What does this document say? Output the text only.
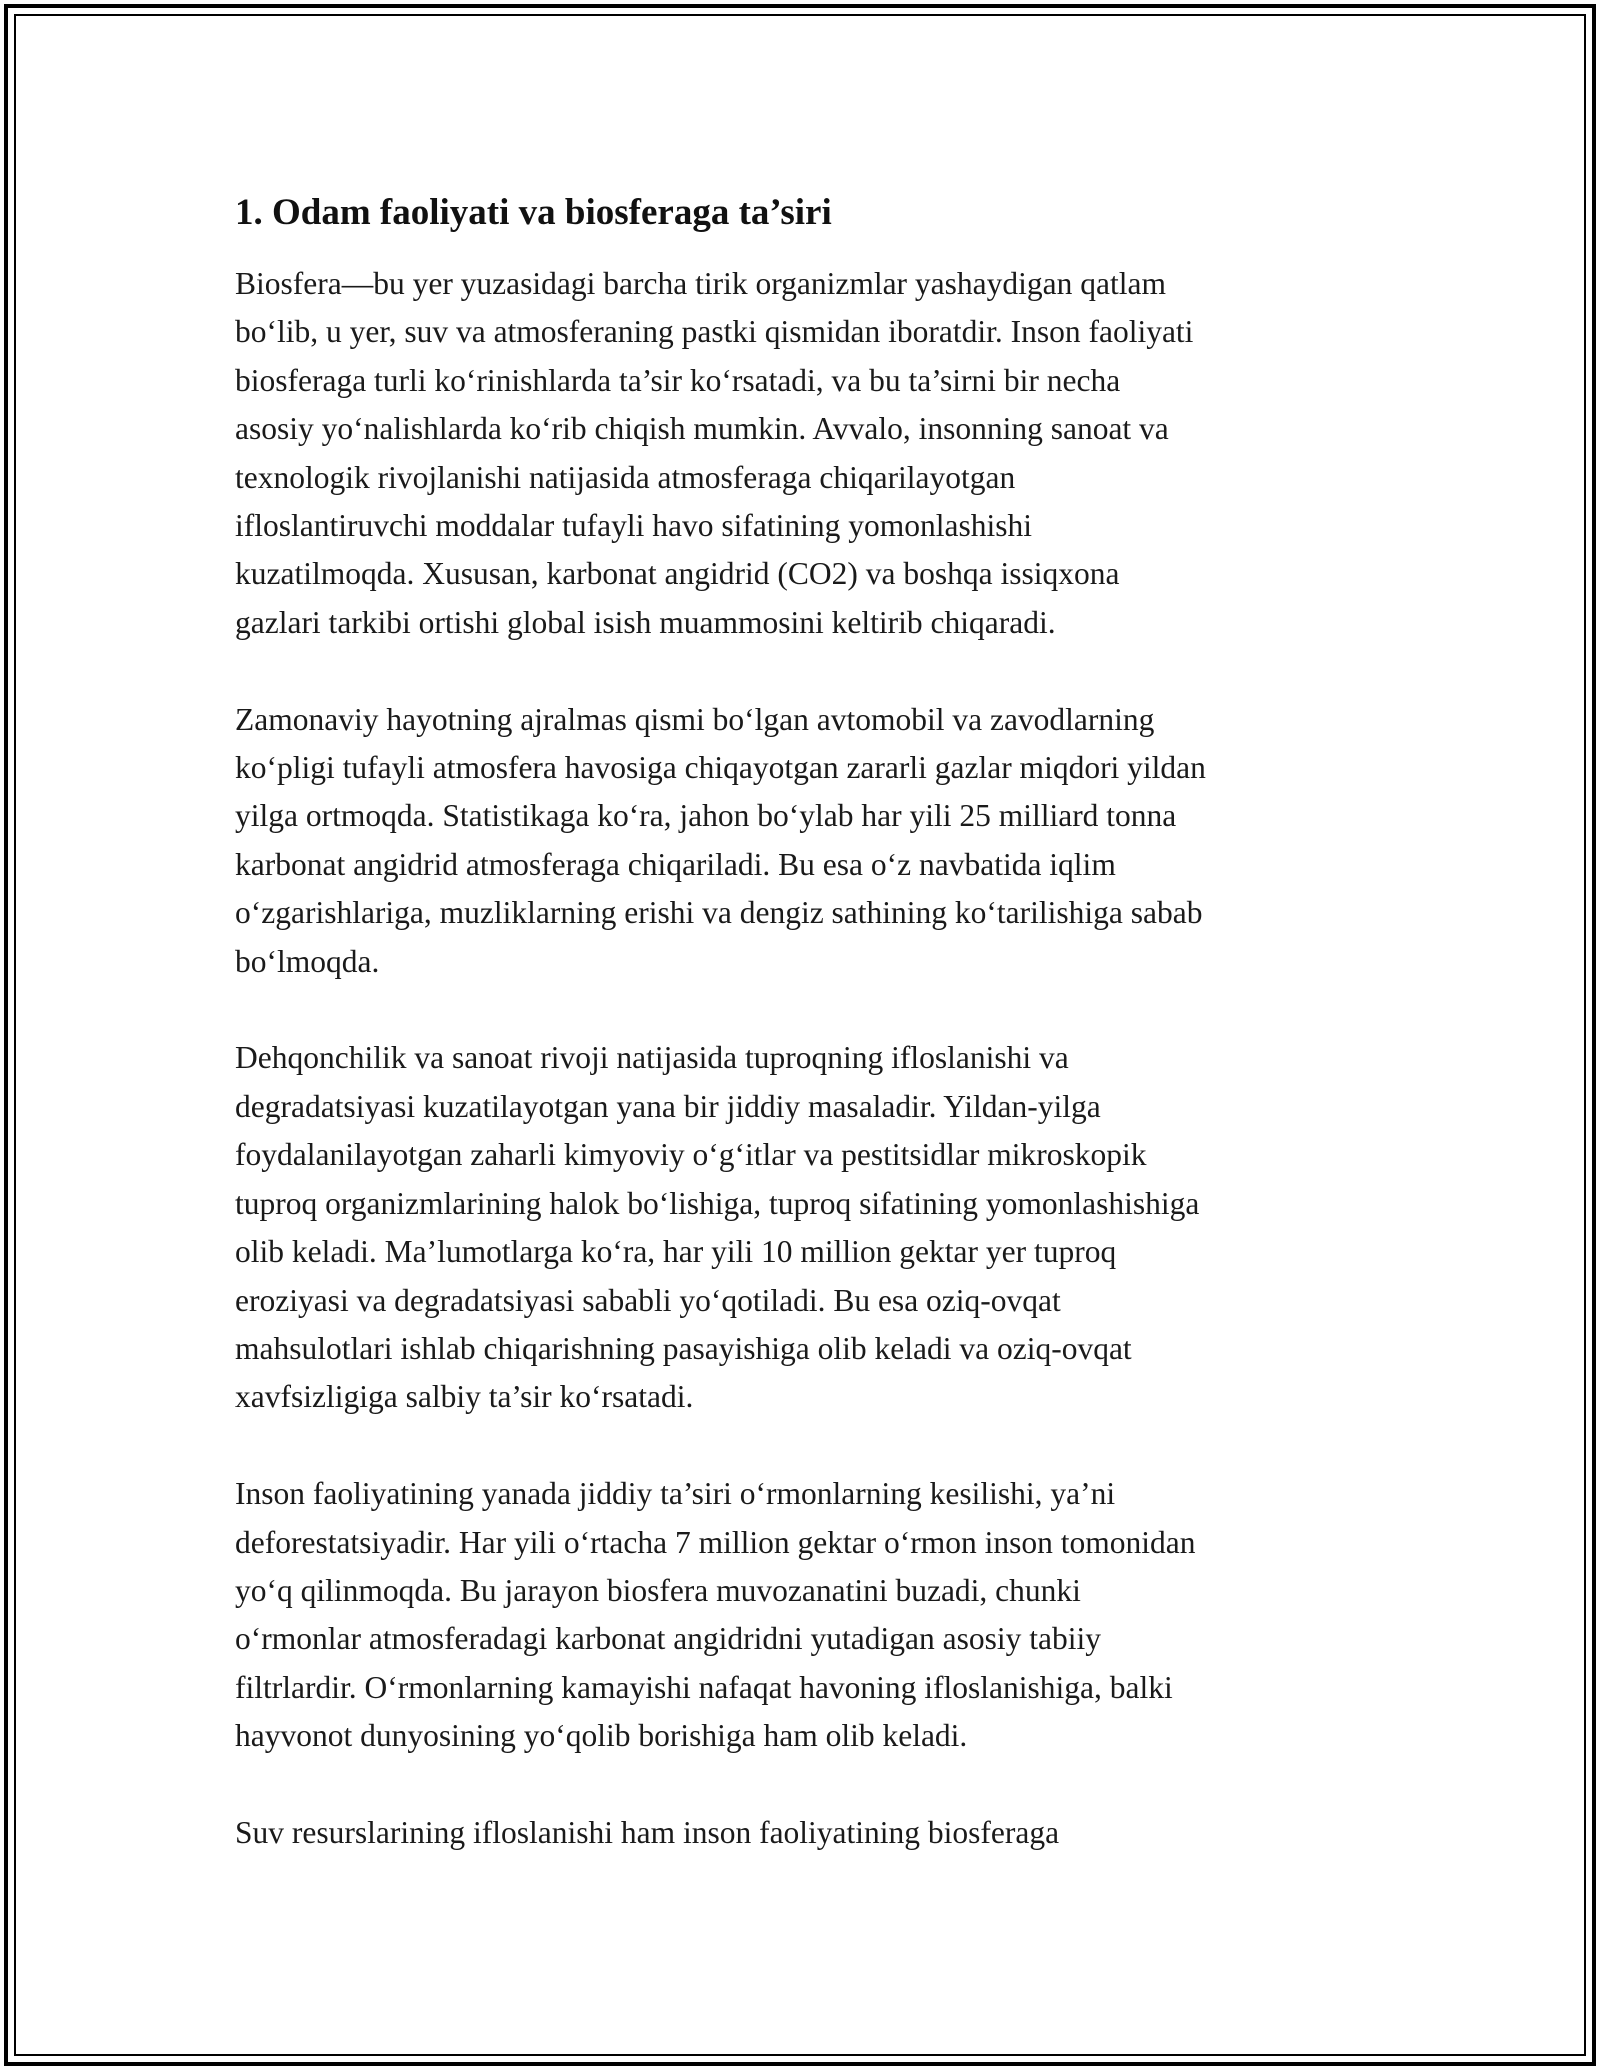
1. Odam faoliyati va biosferaga ta’siri

Biosfera—bu yer yuzasidagi barcha tirik organizmlar yashaydigan qatlam
bo‘lib, u yer, suv va atmosferaning pastki qismidan iboratdir. Inson faoliyati
biosferaga turli ko‘rinishlarda ta’sir ko‘rsatadi, va bu ta’sirni bir necha
asosiy yo‘nalishlarda ko‘rib chiqish mumkin. Avvalo, insonning sanoat va
texnologik rivojlanishi natijasida atmosferaga chiqarilayotgan
ifloslantiruvchi moddalar tufayli havo sifatining yomonlashishi
kuzatilmoqda. Xususan, karbonat angidrid (CO2) va boshqa issiqxona
gazlari tarkibi ortishi global isish muammosini keltirib chiqaradi.

Zamonaviy hayotning ajralmas qismi bo‘lgan avtomobil va zavodlarning
ko‘pligi tufayli atmosfera havosiga chiqayotgan zararli gazlar miqdori yildan
yilga ortmoqda. Statistikaga ko‘ra, jahon bo‘ylab har yili 25 milliard tonna
karbonat angidrid atmosferaga chiqariladi. Bu esa o‘z navbatida iqlim
o‘zgarishlariga, muzliklarning erishi va dengiz sathining ko‘tarilishiga sabab
bo‘lmoqda.

Dehqonchilik va sanoat rivoji natijasida tuproqning ifloslanishi va
degradatsiyasi kuzatilayotgan yana bir jiddiy masaladir. Yildan-yilga
foydalanilayotgan zaharli kimyoviy o‘g‘itlar va pestitsidlar mikroskopik
tuproq organizmlarining halok bo‘lishiga, tuproq sifatining yomonlashishiga
olib keladi. Ma’lumotlarga ko‘ra, har yili 10 million gektar yer tuproq
eroziyasi va degradatsiyasi sababli yo‘qotiladi. Bu esa oziq-ovqat
mahsulotlari ishlab chiqarishning pasayishiga olib keladi va oziq-ovqat
xavfsizligiga salbiy ta’sir ko‘rsatadi.

Inson faoliyatining yanada jiddiy ta’siri o‘rmonlarning kesilishi, ya’ni
deforestatsiyadir. Har yili o‘rtacha 7 million gektar o‘rmon inson tomonidan
yo‘q qilinmoqda. Bu jarayon biosfera muvozanatini buzadi, chunki
o‘rmonlar atmosferadagi karbonat angidridni yutadigan asosiy tabiiy
filtrlardir. O‘rmonlarning kamayishi nafaqat havoning ifloslanishiga, balki
hayvonot dunyosining yo‘qolib borishiga ham olib keladi.

Suv resurslarining ifloslanishi ham inson faoliyatining biosferaga
